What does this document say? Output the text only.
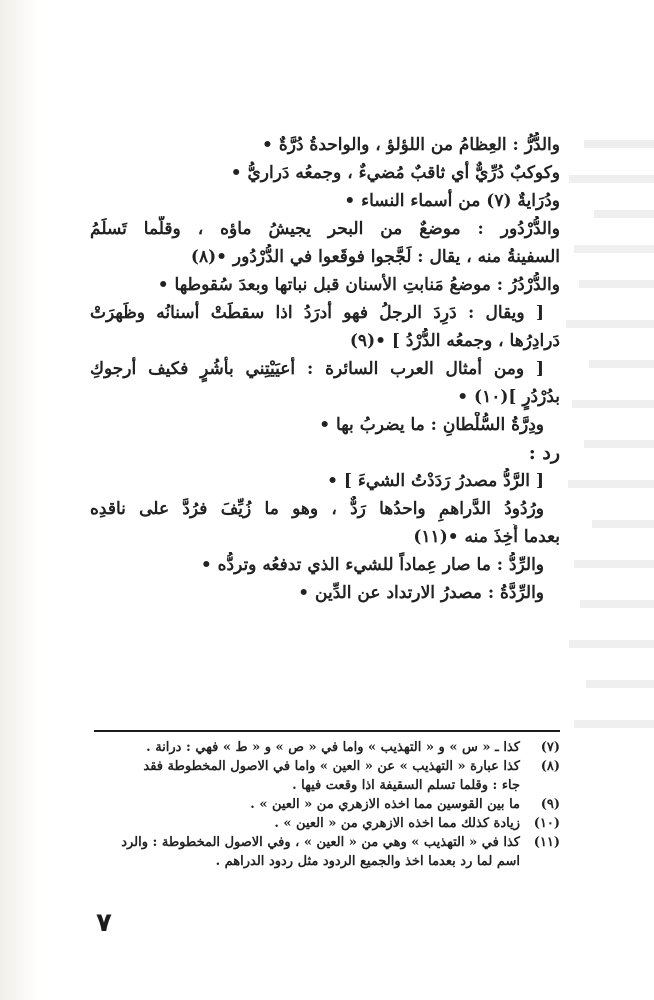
والدُّرُّ : العِظامُ من اللؤلؤ ، والواحدةُ دُرَّةٌ •
وكوكبٌ دُرِّيٌّ أي ثاقبٌ مُضيءٌ ، وجمعُه دَراريُّ •
ودُرَايةٌ (٧) من أسماء النساء •
والدُّرْدُور : موضعٌ من البحر يجيشُ ماؤه ، وقلَّما تَسلَمُ
السفينةُ منه ، يقال : لَجَّجوا فوقَعوا في الدُّرْدُور •(٨)
والدُّرْدُرُ : موضعُ مَنابتِ الأسنان قبل نباتها وبعدَ سُقوطها •
[ ويقال : دَرِدَ الرجلُ فهو أدرَدُ اذا سقطَتْ أسنانُه وظَهرَتْ
دَرادِرُها ، وجمعُه الدُّرْدُ ] •(٩)
[ ومن أمثال العرب السائرة : أعيَيْتِني بأُشُرٍ فكيف أرجوكِ
بدُرْدُرٍ ](١٠) •
ودِرَّةُ السُّلْطانِ : ما يضربُ بها •
رد :
[ الرَّدُّ مصدرُ رَدَدْتُ الشيءَ ] •
ورُدُودُ الدَّراهمِ واحدُها رَدٌّ ، وهو ما زُيِّفَ فرُدَّ على ناقدِه
بعدما أُخِذَ منه •(١١)
والرِّدُّ : ما صار عِماداً للشيء الذي تدفعُه وتردُّه •
والرِّدَّةُ : مصدرُ الارتداد عن الدِّين •
(٧)كذا ـ « س » و « التهذيب » واما في « ص » و « ط » فهي : درانة .
(٨)كذا عبارة « التهذيب » عن « العين » واما في الاصول المخطوطة فقد
جاء : وقلما تسلم السقيفة اذا وقعت فيها .
(٩)ما بين القوسين مما اخذه الازهري من « العين » .
(١٠)زيادة كذلك مما اخذه الازهري من « العين » .
(١١)كذا في « التهذيب » وهي من « العين » ، وفي الاصول المخطوطة : والرد
اسم لما رد بعدما اخذ والجميع الردود مثل ردود الدراهم .
٧
